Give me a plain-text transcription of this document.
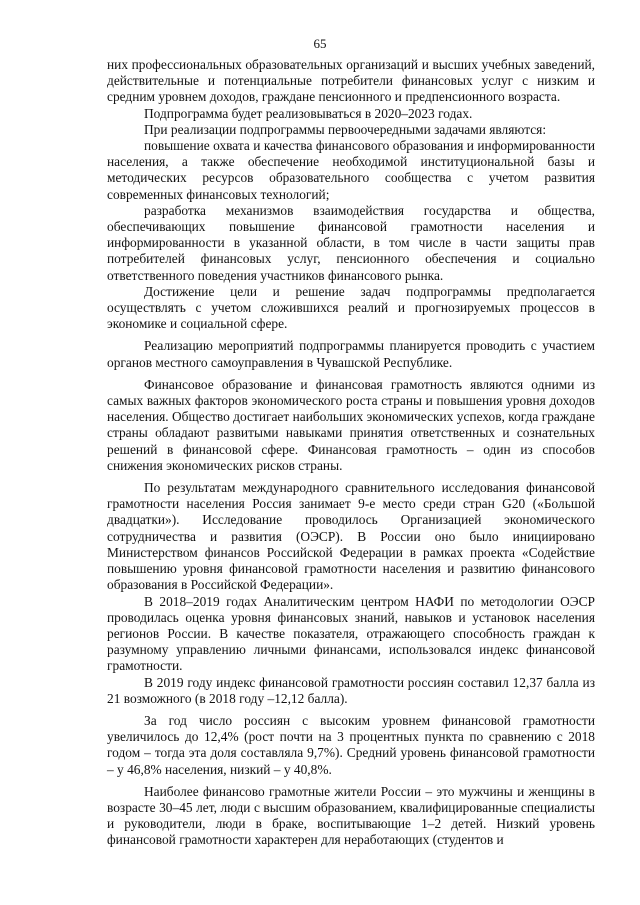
65

них профессиональных образовательных организаций и высших учебных заведений, действительные и потенциальные потребители финансовых услуг с низким и средним уровнем доходов, граждане пенсионного и предпенсионного возраста.

Подпрограмма будет реализовываться в 2020–2023 годах.

При реализации подпрограммы первоочередными задачами являются:

повышение охвата и качества финансового образования и информированности населения, а также обеспечение необходимой институциональной базы и методических ресурсов образовательного сообщества с учетом развития современных финансовых технологий;

разработка механизмов взаимодействия государства и общества, обеспечивающих повышение финансовой грамотности населения и информированности в указанной области, в том числе в части защиты прав потребителей финансовых услуг, пенсионного обеспечения и социально ответственного поведения участников финансового рынка.

Достижение цели и решение задач подпрограммы предполагается осуществлять с учетом сложившихся реалий и прогнозируемых процессов в экономике и социальной сфере.

Реализацию мероприятий подпрограммы планируется проводить с участием органов местного самоуправления в Чувашской Республике.

Финансовое образование и финансовая грамотность являются одними из самых важных факторов экономического роста страны и повышения уровня доходов населения. Общество достигает наибольших экономических успехов, когда граждане страны обладают развитыми навыками принятия ответственных и сознательных решений в финансовой сфере. Финансовая грамотность – один из способов снижения экономических рисков страны.

По результатам международного сравнительного исследования финансовой грамотности населения Россия занимает 9-е место среди стран G20 («Большой двадцатки»). Исследование проводилось Организацией экономического сотрудничества и развития (ОЭСР). В России оно было инициировано Министерством финансов Российской Федерации в рамках проекта «Содействие повышению уровня финансовой грамотности населения и развитию финансового образования в Российской Федерации».

В 2018–2019 годах Аналитическим центром НАФИ по методологии ОЭСР проводилась оценка уровня финансовых знаний, навыков и установок населения регионов России. В качестве показателя, отражающего способность граждан к разумному управлению личными финансами, использовался индекс финансовой грамотности.

В 2019 году индекс финансовой грамотности россиян составил 12,37 балла из 21 возможного (в 2018 году –12,12 балла).

За год число россиян с высоким уровнем финансовой грамотности увеличилось до 12,4% (рост почти на 3 процентных пункта по сравнению с 2018 годом – тогда эта доля составляла 9,7%). Средний уровень финансовой грамотности – у 46,8% населения, низкий – у 40,8%.

Наиболее финансово грамотные жители России – это мужчины и женщины в возрасте 30–45 лет, люди с высшим образованием, квалифицированные специалисты и руководители, люди в браке, воспитывающие 1–2 детей. Низкий уровень финансовой грамотности характерен для неработающих (студентов и
